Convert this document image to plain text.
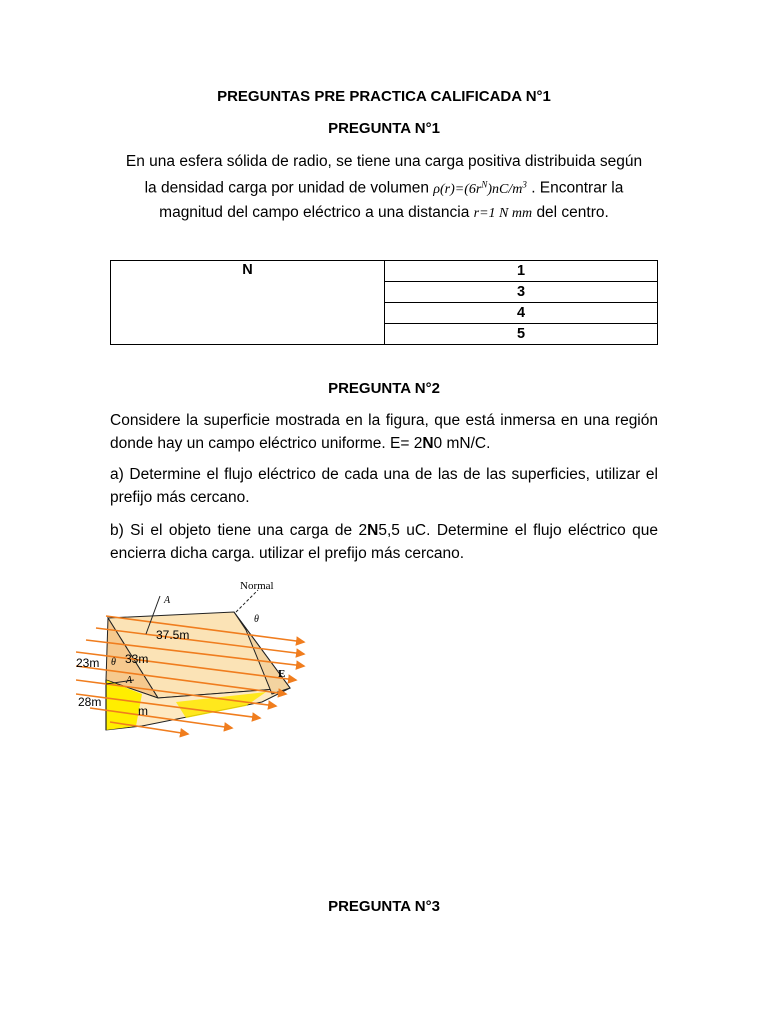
PREGUNTAS PRE PRACTICA CALIFICADA N°1
PREGUNTA N°1
En una esfera sólida de radio, se tiene una carga positiva distribuida según
la densidad carga por unidad de volumen $\rho(r)=(6r^N)nC/m^3$ . Encontrar la
magnitud del campo eléctrico a una distancia r=1 N mm del centro.
N	1
3
4
5
PREGUNTA N°2
Considere la superficie mostrada en la figura, que está inmersa en una región donde hay un campo eléctrico uniforme. E= 2N0 mN/C.
a) Determine el flujo eléctrico de cada una de las de las superficies, utilizar el prefijo más cercano.
b) Si el objeto tiene una carga de 2N5,5 uC. Determine el flujo eléctrico que encierra dicha carga. utilizar el prefijo más cercano.
Normal
θ
A
37.5m
33m
23m θ
A
28m
m
E
PREGUNTA N°3
